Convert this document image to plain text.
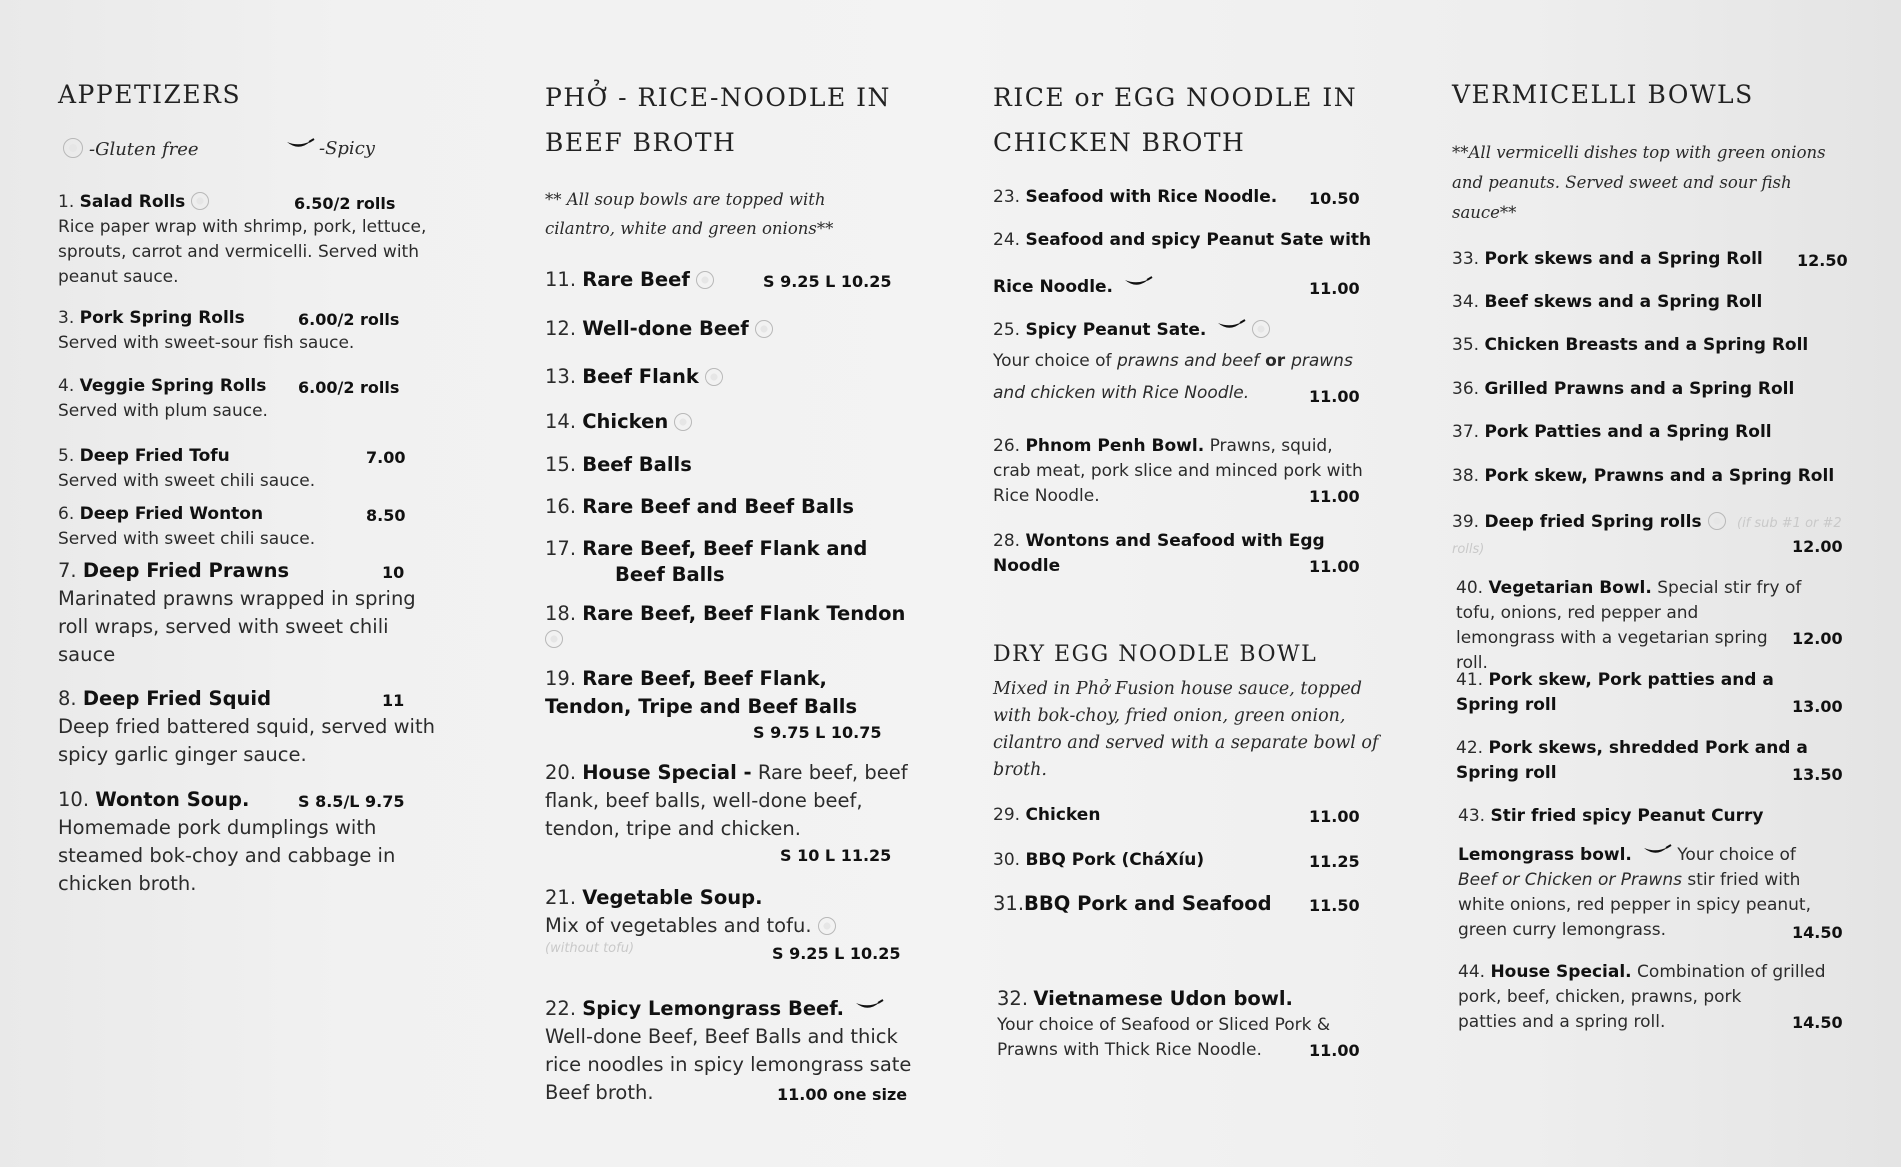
APPETIZERS
-Gluten free	-Spicy
1. Salad Rolls	6.50/2 rolls
Rice paper wrap with shrimp, pork, lettuce, sprouts, carrot and vermicelli. Served with peanut sauce.
3. Pork Spring Rolls	6.00/2 rolls
Served with sweet-sour fish sauce.
4. Veggie Spring Rolls 6.00/2 rolls
Served with plum sauce.
5. Deep Fried Tofu	7.00
Served with sweet chili sauce.
6. Deep Fried Wonton	8.50
Served with sweet chili sauce.
7. Deep Fried Prawns	10
Marinated prawns wrapped in spring roll wraps, served with sweet chili sauce
8. Deep Fried Squid	11
Deep fried battered squid, served with spicy garlic ginger sauce.
10. Wonton Soup.	S 8.5/L 9.75
Homemade pork dumplings with steamed bok-choy and cabbage in chicken broth.
PHỞ - RICE-NOODLE IN
BEEF BROTH
** All soup bowls are topped with cilantro, white and green onions**
11. Rare Beef	S 9.25 L 10.25
12. Well-done Beef
13. Beef Flank
14. Chicken
15. Beef Balls
16. Rare Beef and Beef Balls
17. Rare Beef, Beef Flank and
Beef Balls
18. Rare Beef, Beef Flank Tendon
19. Rare Beef, Beef Flank,
Tendon, Tripe and Beef Balls
S 9.75 L 10.75
20. House Special - Rare beef, beef
flank, beef balls, well-done beef, tendon, tripe and chicken.
S 10 L 11.25
21. Vegetable Soup.
Mix of vegetables and tofu.
(without tofu)	S 9.25 L 10.25
22. Spicy Lemongrass Beef.
Well-done Beef, Beef Balls and thick rice noodles in spicy lemongrass sate Beef broth.	11.00 one size
RICE or EGG NOODLE IN
CHICKEN BROTH
23. Seafood with Rice Noodle. 10.50
24. Seafood and spicy Peanut Sate with
Rice Noodle.	11.00
25. Spicy Peanut Sate.
Your choice of prawns and beef or prawns
and chicken with Rice Noodle.	11.00
26. Phnom Penh Bowl. Prawns, squid,
crab meat, pork slice and minced pork with Rice Noodle.	11.00
28. Wontons and Seafood with Egg
Noodle	11.00
DRY EGG NOODLE BOWL
Mixed in Phở Fusion house sauce, topped with bok-choy, fried onion, green onion, cilantro and served with a separate bowl of broth.
29. Chicken	11.00
30. BBQ Pork (CháXíu)	11.25
31.BBQ Pork and Seafood 11.50
32. Vietnamese Udon bowl.
Your choice of Seafood or Sliced Pork & Prawns with Thick Rice Noodle.	11.00
VERMICELLI BOWLS
**All vermicelli dishes top with green onions and peanuts. Served sweet and sour fish sauce**
33. Pork skews and a Spring Roll 12.50
34. Beef skews and a Spring Roll
35. Chicken Breasts and a Spring Roll
36. Grilled Prawns and a Spring Roll
37. Pork Patties and a Spring Roll
38. Pork skew, Prawns and a Spring Roll
39. Deep fried Spring rolls	(if sub #1 or #2 rolls)	12.00
40. Vegetarian Bowl. Special stir fry of
tofu, onions, red pepper and lemongrass with a vegetarian spring roll.
12.00
41. Pork skew, Pork patties and a
Spring roll	13.00
42. Pork skews, shredded Pork and a
Spring roll	13.50
43. Stir fried spicy Peanut Curry
Lemongrass bowl. Your choice of
Beef or Chicken or Prawns stir fried with white onions, red pepper in spicy peanut, green curry lemongrass.	14.50
44. House Special. Combination of grilled
pork, beef, chicken, prawns, pork patties and a spring roll.	14.50
